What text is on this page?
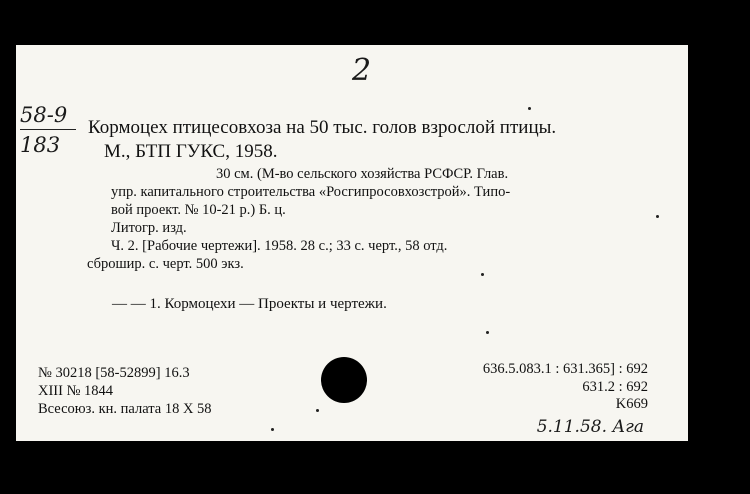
2
58-9
183
Кормоцех птицесовхоза на 50 тыс. голов взрослой птицы.
М., БТП ГУКС, 1958.
30 см. (М-во сельского хозяйства РСФСР. Глав.
упр. капитального строительства «Росгипросовхозстрой». Типо-
вой проект. № 10-21 р.) Б. ц.
Литогр. изд.
Ч. 2. [Рабочие чертежи]. 1958. 28 с.; 33 с. черт., 58 отд.
сброшир. с. черт. 500 экз.
— — 1. Кормоцехи — Проекты и чертежи.
№ 30218 [58-52899] 16.3
XIII № 1844
Всесоюз. кн. палата 18 X 58
636.5.083.1 : 631.365] : 692
631.2 : 692
K669
5.11.58. Ага
